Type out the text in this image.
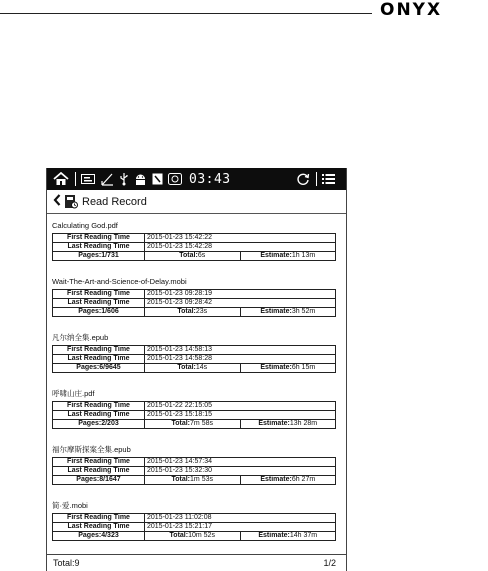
ONYX
03:43
Read Record
Calculating God.pdf
First Reading Time	2015-01-23 15:42:22	
Last Reading Time	2015-01-23 15:42:28	
Pages:1/731	Total:6s	Estimate:1h 13m
Wait-The-Art-and-Science-of-Delay.mobi
First Reading Time	2015-01-23 09:28:19	
Last Reading Time	2015-01-23 09:28:42	
Pages:1/606	Total:23s	Estimate:3h 52m
凡尔纳全集.epub
First Reading Time	2015-01-23 14:58:13	
Last Reading Time	2015-01-23 14:58:28	
Pages:6/9645	Total:14s	Estimate:6h 15m
呼啸山庄.pdf
First Reading Time	2015-01-22 22:15:05	
Last Reading Time	2015-01-23 15:18:15	
Pages:2/203	Total:7m 58s	Estimate:13h 28m
福尔摩斯探案全集.epub
First Reading Time	2015-01-23 14:57:34	
Last Reading Time	2015-01-23 15:32:30	
Pages:8/1647	Total:1m 53s	Estimate:6h 27m
简·爱.mobi
First Reading Time	2015-01-23 11:02:08	
Last Reading Time	2015-01-23 15:21:17	
Pages:4/323	Total:10m 52s	Estimate:14h 37m
Total:9	1/2
